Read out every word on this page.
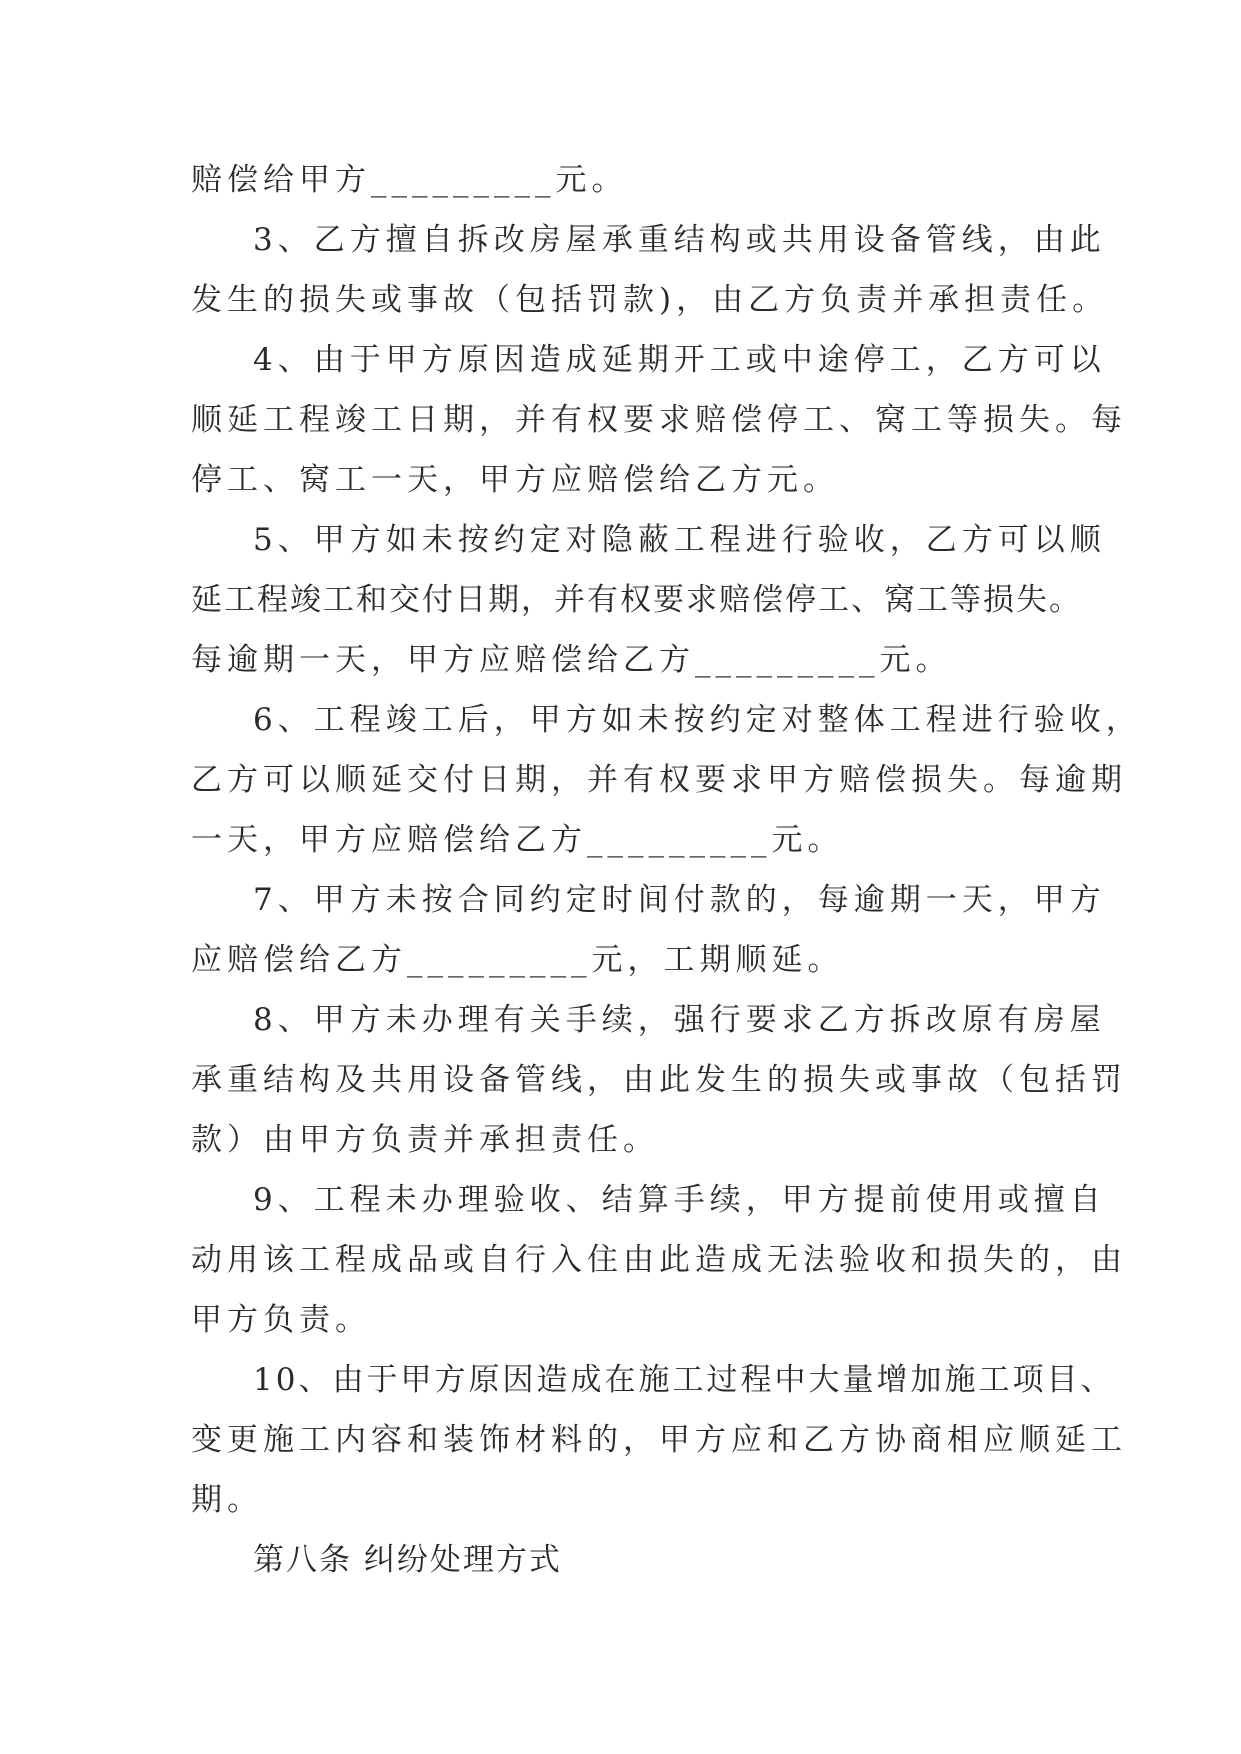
赔偿给甲方_________元。
3、乙方擅自拆改房屋承重结构或共用设备管线，由此
发生的损失或事故（包括罚款)，由乙方负责并承担责任。
4、由于甲方原因造成延期开工或中途停工，乙方可以
顺延工程竣工日期，并有权要求赔偿停工、窝工等损失。每
停工、窝工一天，甲方应赔偿给乙方元。
5、甲方如未按约定对隐蔽工程进行验收，乙方可以顺
延工程竣工和交付日期，并有权要求赔偿停工、窝工等损失。
每逾期一天，甲方应赔偿给乙方_________元。
6、工程竣工后，甲方如未按约定对整体工程进行验收，
乙方可以顺延交付日期，并有权要求甲方赔偿损失。每逾期
一天，甲方应赔偿给乙方_________元。
7、甲方未按合同约定时间付款的，每逾期一天，甲方
应赔偿给乙方_________元，工期顺延。
8、甲方未办理有关手续，强行要求乙方拆改原有房屋
承重结构及共用设备管线，由此发生的损失或事故（包括罚
款）由甲方负责并承担责任。
9、工程未办理验收、结算手续，甲方提前使用或擅自
动用该工程成品或自行入住由此造成无法验收和损失的，由
甲方负责。
10、由于甲方原因造成在施工过程中大量增加施工项目、
变更施工内容和装饰材料的，甲方应和乙方协商相应顺延工
期。
第八条 纠纷处理方式
